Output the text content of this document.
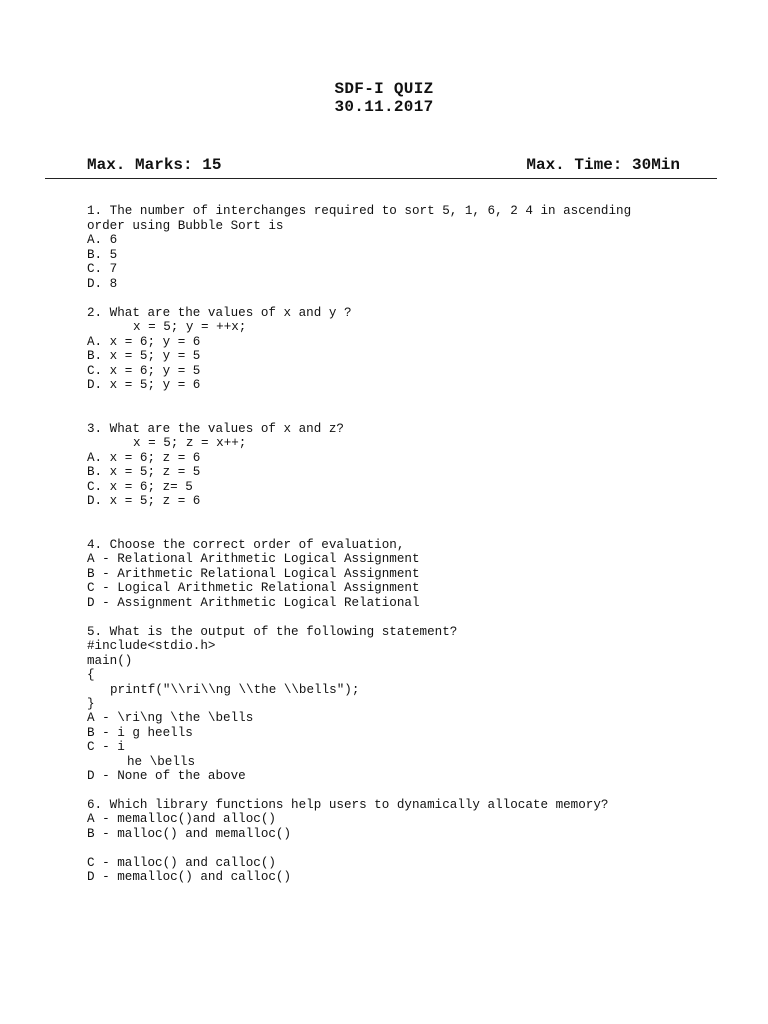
SDF-I QUIZ
30.11.2017
Max. Marks: 15	Max. Time: 30Min
1. The number of interchanges required to sort 5, 1, 6, 2 4 in ascending
order using Bubble Sort is
A. 6
B. 5
C. 7
D. 8
2. What are the values of x and y ?
x = 5; y = ++x;
A. x = 6; y = 6
B. x = 5; y = 5
C. x = 6; y = 5
D. x = 5; y = 6
3. What are the values of x and z?
x = 5; z = x++;
A. x = 6; z = 6
B. x = 5; z = 5
C. x = 6; z= 5
D. x = 5; z = 6
4. Choose the correct order of evaluation,
A - Relational Arithmetic Logical Assignment
B - Arithmetic Relational Logical Assignment
C - Logical Arithmetic Relational Assignment
D - Assignment Arithmetic Logical Relational
5. What is the output of the following statement?
#include<stdio.h>
main()
{
printf("\\ri\\ng \\the \\bells");
}
A - \ri\ng \the \bells
B - i g heells
C - i
he \bells
D - None of the above
6. Which library functions help users to dynamically allocate memory?
A - memalloc()and alloc()
B - malloc() and memalloc()
C - malloc() and calloc()
D - memalloc() and calloc()
